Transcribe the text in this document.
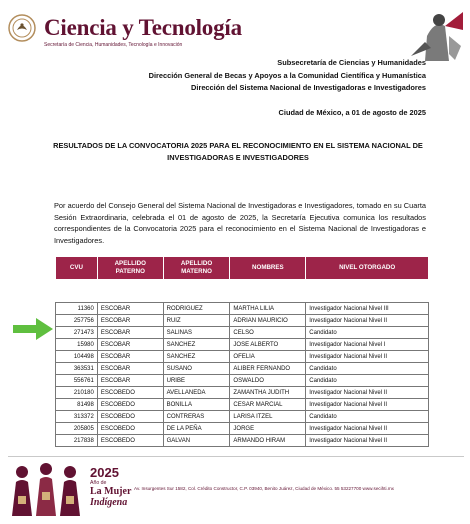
Ciencia y Tecnología
Secretaría de Ciencia, Humanidades, Tecnología e Innovación
Subsecretaría de Ciencias y Humanidades
Dirección General de Becas y Apoyos a la Comunidad Científica y Humanística
Dirección del Sistema Nacional de Investigadoras e Investigadores
Ciudad de México, a 01 de agosto de 2025
RESULTADOS DE LA CONVOCATORIA 2025 PARA EL RECONOCIMIENTO EN EL SISTEMA NACIONAL DE INVESTIGADORAS E INVESTIGADORES
Por acuerdo del Consejo General del Sistema Nacional de Investigadoras e Investigadores, tomado en su Cuarta Sesión Extraordinaria, celebrada el 01 de agosto de 2025, la Secretaría Ejecutiva comunica los resultados correspondientes de la Convocatoria 2025 para el reconocimiento en el Sistema Nacional de Investigadoras e Investigadores.
CVU	APELLIDO PATERNO	APELLIDO MATERNO	NOMBRES	NIVEL OTORGADO

11360	ESCOBAR	RODRIGUEZ	MARTHA LILIA	Investigador Nacional Nivel III
257756	ESCOBAR	RUIZ	ADRIAN MAURICIO	Investigador Nacional Nivel II
271473	ESCOBAR	SALINAS	CELSO	Candidato
15980	ESCOBAR	SANCHEZ	JOSE ALBERTO	Investigador Nacional Nivel I
104498	ESCOBAR	SANCHEZ	OFELIA	Investigador Nacional Nivel II
363531	ESCOBAR	SUSANO	ALIBER FERNANDO	Candidato
556761	ESCOBAR	URIBE	OSWALDO	Candidato
210180	ESCOBEDO	AVELLANEDA	ZAMANTHA JUDITH	Investigador Nacional Nivel II
81498	ESCOBEDO	BONILLA	CESAR MARCIAL	Investigador Nacional Nivel II
313372	ESCOBEDO	CONTRERAS	LARISA ITZEL	Candidato
205805	ESCOBEDO	DE LA PEÑA	JORGE	Investigador Nacional Nivel II
217838	ESCOBEDO	GALVAN	ARMANDO HIRAM	Investigador Nacional Nivel II
2025
Año de
La Mujer
Indígena
Av. Insurgentes Sur 1582, Col. Crédito Constructor, C.P. 03940, Benito Juárez, Ciudad de México. 55 53227700 www.secihti.mx
